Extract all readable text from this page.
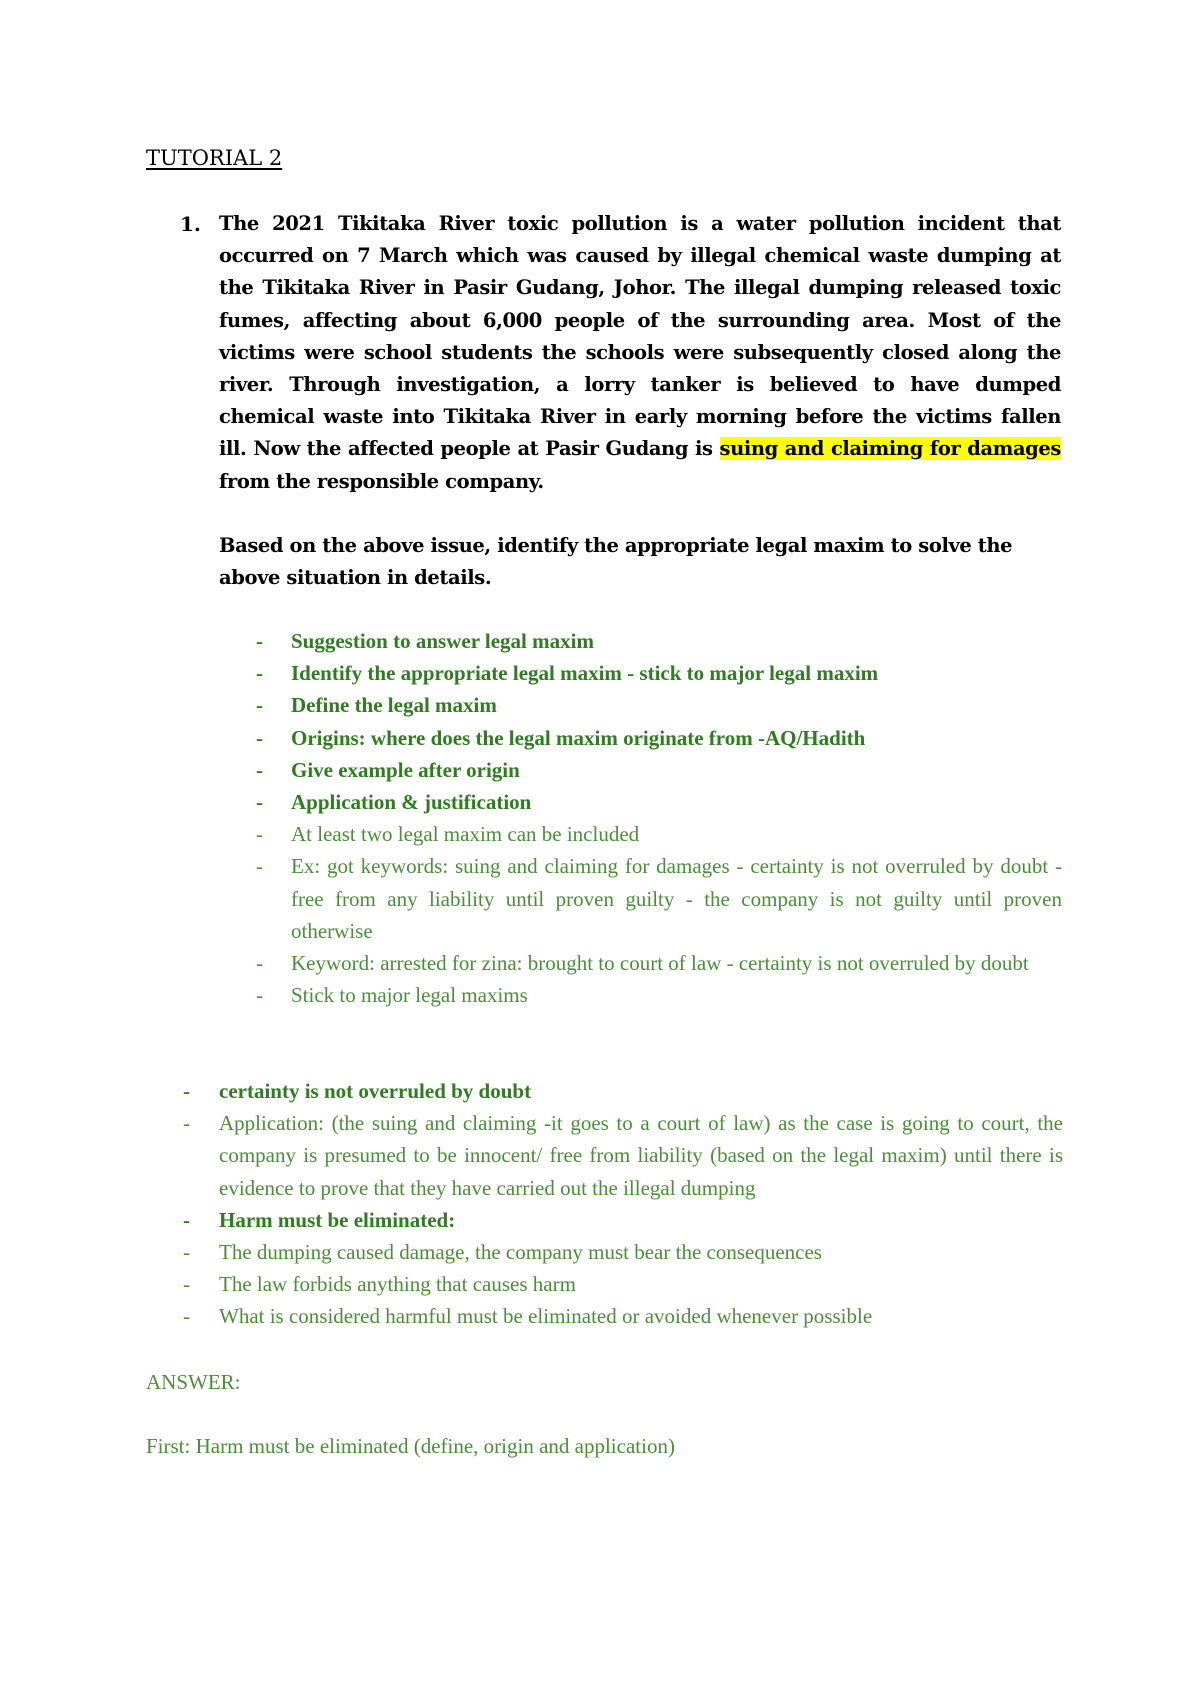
TUTORIAL 2
1. The 2021 Tikitaka River toxic pollution is a water pollution incident that occurred on 7 March which was caused by illegal chemical waste dumping at the Tikitaka River in Pasir Gudang, Johor. The illegal dumping released toxic fumes, affecting about 6,000 people of the surrounding area. Most of the victims were school students the schools were subsequently closed along the river. Through investigation, a lorry tanker is believed to have dumped chemical waste into Tikitaka River in early morning before the victims fallen ill. Now the affected people at Pasir Gudang is suing and claiming for damages from the responsible company.
Based on the above issue, identify the appropriate legal maxim to solve the above situation in details.
- Suggestion to answer legal maxim
- Identify the appropriate legal maxim - stick to major legal maxim
- Define the legal maxim
- Origins: where does the legal maxim originate from -AQ/Hadith
- Give example after origin
- Application & justification
- At least two legal maxim can be included
- Ex: got keywords: suing and claiming for damages - certainty is not overruled by doubt - free from any liability until proven guilty - the company is not guilty until proven otherwise
- Keyword: arrested for zina: brought to court of law - certainty is not overruled by doubt
- Stick to major legal maxims
- certainty is not overruled by doubt
- Application: (the suing and claiming -it goes to a court of law) as the case is going to court, the company is presumed to be innocent/ free from liability (based on the legal maxim) until there is evidence to prove that they have carried out the illegal dumping
- Harm must be eliminated:
- The dumping caused damage, the company must bear the consequences
- The law forbids anything that causes harm
- What is considered harmful must be eliminated or avoided whenever possible
ANSWER:
First: Harm must be eliminated (define, origin and application)
